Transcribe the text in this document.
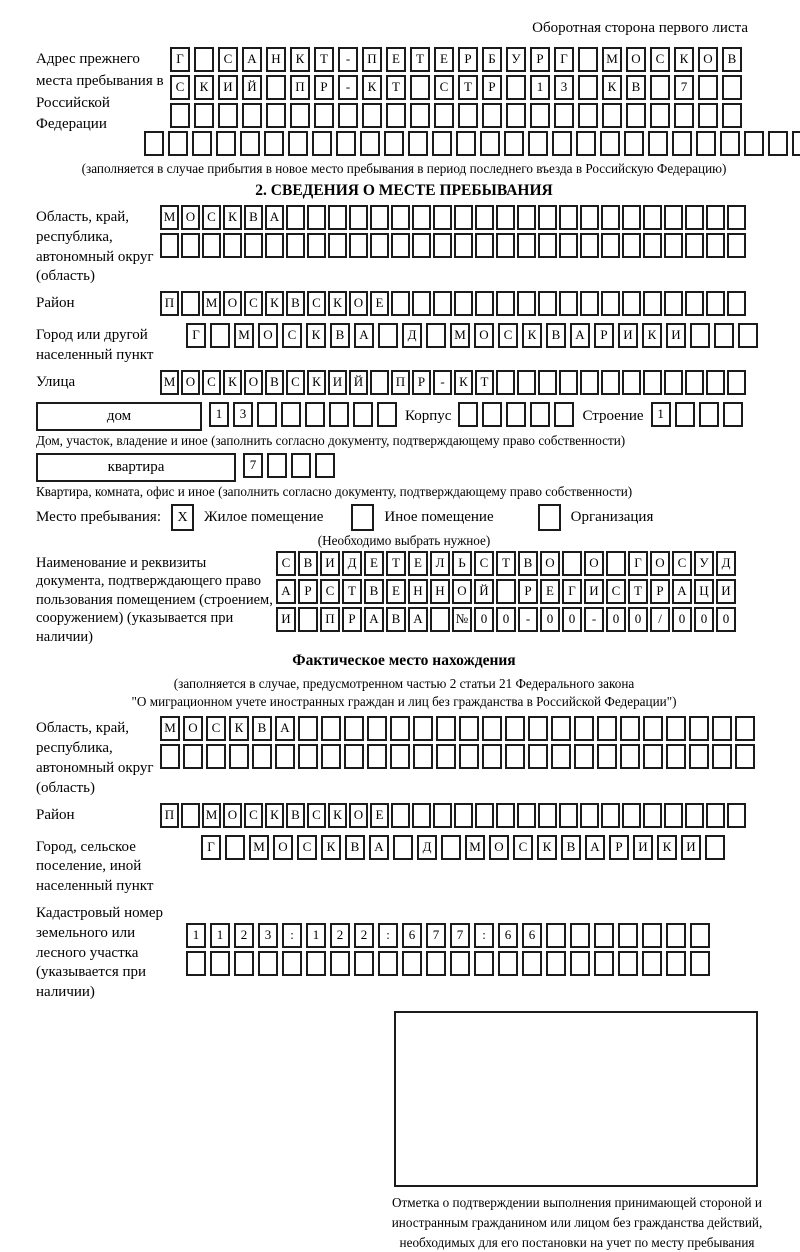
Оборотная сторона первого листа
Адрес прежнего места пребывания в Российской Федерации
Г	С	А	Н	К	Т	-	П	Е	Т	Е	Р	Б	У	Р	Г	М	О	С	К	О	В
С	К	И	Й	П	Р	-	К	Т	С	Т	Р	1	3	К	В	7
(заполняется в случае прибытия в новое место пребывания в период последнего въезда в Российскую Федерацию)
2. СВЕДЕНИЯ О МЕСТЕ ПРЕБЫВАНИЯ
Область, край, республика, автономный округ (область)
М О С К В А
Район	П	М О С К В С К О Е
Город или другой населенный пункт
Г	М	О	С	К	В	А	Д	М	О	С	К	В	А	Р	И	К	И
Улица	М О С К О В С К И Й	П Р	-	К Т
дом	1	3	Корпус	Строение	1
Дом, участок, владение и иное (заполнить согласно документу, подтверждающему право собственности)
квартира	7
Квартира, комната, офис и иное (заполнить согласно документу, подтверждающему право собственности)
Место пребывания:	X	Жилое помещение	Иное помещение	Организация
(Необходимо выбрать нужное)
Наименование и реквизиты документа, подтверждающего право пользования помещением (строением, сооружением) (указывается при наличии)
С	В И Д	Е	Т	Е	Л	Ь	С	Т	В О	О	Г	О С	У Д
А	Р	С	Т	В	Е	Н Н О Й	Р	Е	Г	И С	Т	Р	А Ц И
И	П	Р	А В А	№ 0	0	-	0	0	-	0	0	/	0	0	0
Фактическое место нахождения
(заполняется в случае, предусмотренном частью 2 статьи 21 Федерального закона
"О миграционном учете иностранных граждан и лиц без гражданства в Российской Федерации")
Область, край, республика, автономный округ (область)
М О	С	К	В	А
Район	П	М О С К В С К О Е
Город, сельское поселение, иной населенный пункт
Г	М	О	С	К	В	А	Д	М	О	С	К	В	А	Р	И	К	И
Кадастровый номер земельного или лесного участка (указывается при наличии)
1	1	2	3	:	1	2	2	:	6	7	7	:	6	6
Отметка о подтверждении выполнения принимающей стороной и иностранным гражданином или лицом без гражданства действий, необходимых для его постановки на учет по месту пребывания
